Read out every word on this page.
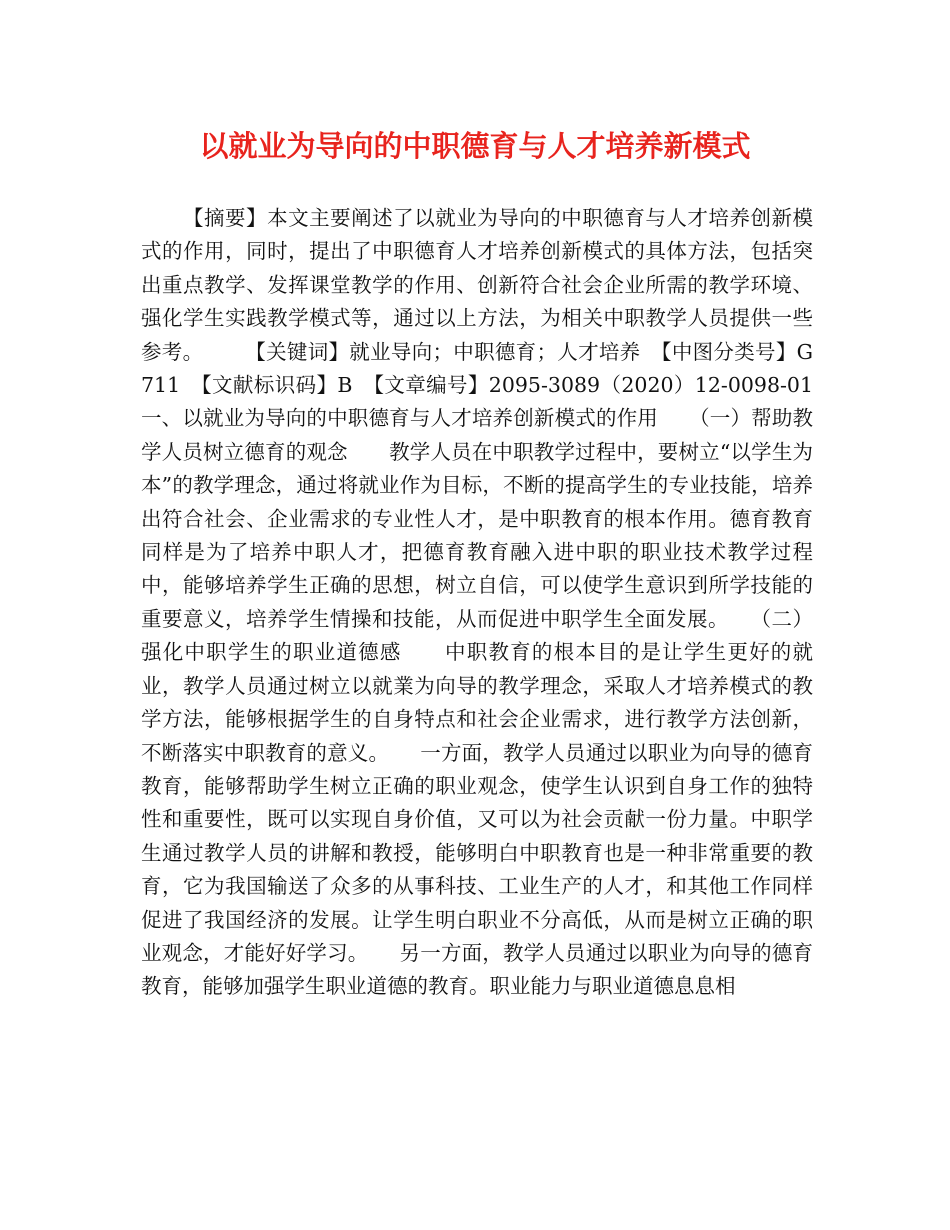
以就业为导向的中职德育与人才培养新模式

【摘要】本文主要阐述了以就业为导向的中职德育与人才培养创新模式的作用，同时，提出了中职德育人才培养创新模式的具体方法，包括突出重点教学、发挥课堂教学的作用、创新符合社会企业所需的教学环境、强化学生实践教学模式等，通过以上方法，为相关中职教学人员提供一些参考。　　　【关键词】就业导向；中职德育；人才培养　【中图分类号】G711　【文献标识码】B　【文章编号】2095-3089（2020）12-0098-01　　一、以就业为导向的中职德育与人才培养创新模式的作用　　（一）帮助教学人员树立德育的观念　　教学人员在中职教学过程中，要树立“以学生为本”的教学理念，通过将就业作为目标，不断的提高学生的专业技能，培养出符合社会、企业需求的专业性人才，是中职教育的根本作用。德育教育同样是为了培养中职人才，把德育教育融入进中职的职业技术教学过程中，能够培养学生正确的思想，树立自信，可以使学生意识到所学技能的重要意义，培养学生情操和技能，从而促进中职学生全面发展。　　（二）强化中职学生的职业道德感　　中职教育的根本目的是让学生更好的就业，教学人员通过树立以就業为向导的教学理念，采取人才培养模式的教学方法，能够根据学生的自身特点和社会企业需求，进行教学方法创新，不断落实中职教育的意义。　　一方面，教学人员通过以职业为向导的德育教育，能够帮助学生树立正确的职业观念，使学生认识到自身工作的独特性和重要性，既可以实现自身价值，又可以为社会贡献一份力量。中职学生通过教学人员的讲解和教授，能够明白中职教育也是一种非常重要的教育，它为我国输送了众多的从事科技、工业生产的人才，和其他工作同样促进了我国经济的发展。让学生明白职业不分高低，从而是树立正确的职业观念，才能好好学习。　　另一方面，教学人员通过以职业为向导的德育教育，能够加强学生职业道德的教育。职业能力与职业道德息息相
